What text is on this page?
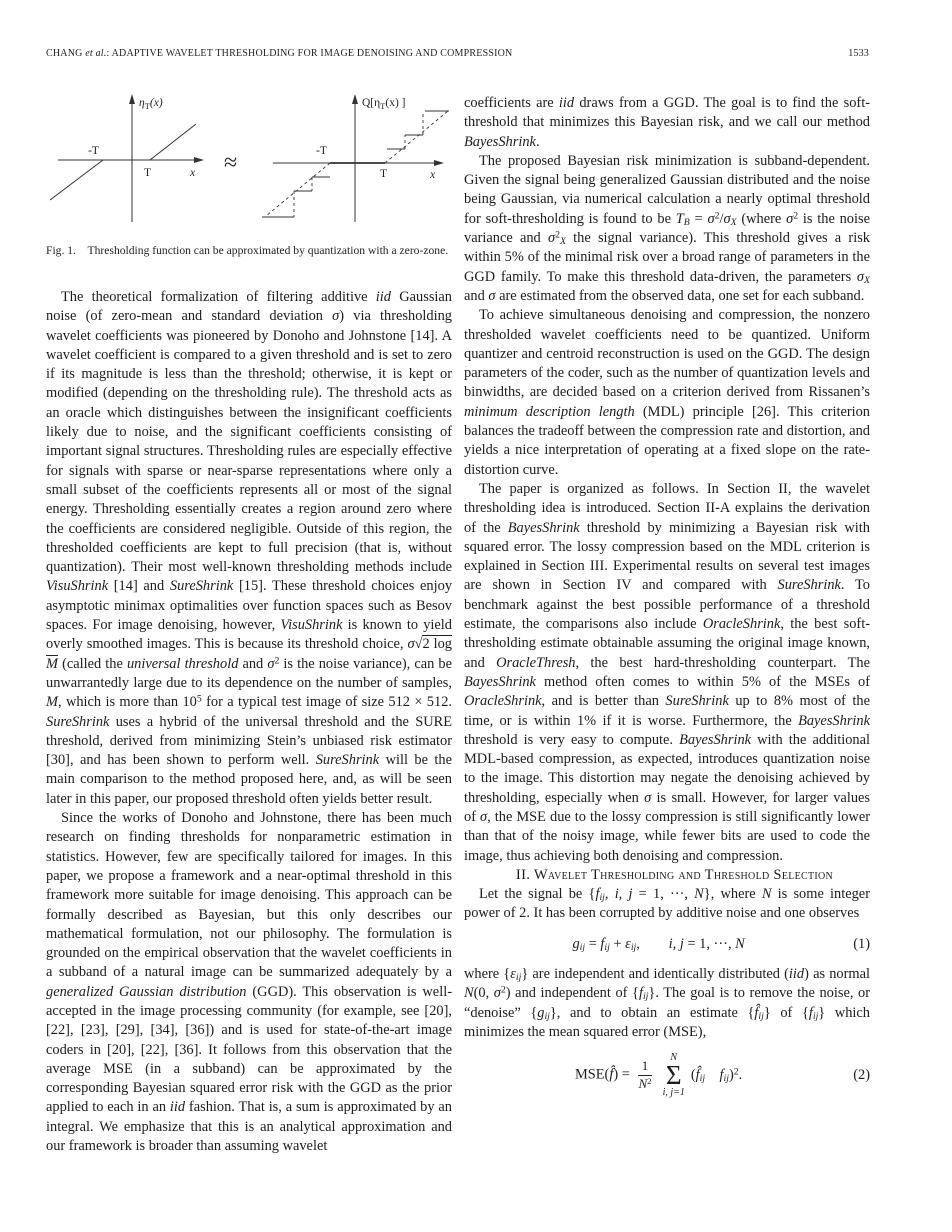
CHANG et al.: ADAPTIVE WAVELET THRESHOLDING FOR IMAGE DENOISING AND COMPRESSION	1533
$\eta_T(x)$
-T
T	x ≈
$Q[\eta_T(x)$ ]
-T
T	x
Fig. 1.  Thresholding function can be approximated by quantization with a zero-zone.

The theoretical formalization of filtering additive iid Gaussian noise (of zero-mean and standard deviation σ) via thresholding wavelet coefficients was pioneered by Donoho and Johnstone [14]. A wavelet coefficient is compared to a given threshold and is set to zero if its magnitude is less than the threshold; otherwise, it is kept or modified (depending on the thresholding rule). The threshold acts as an oracle which distinguishes between the insignificant coefficients likely due to noise, and the significant coefficients consisting of important signal structures. Thresholding rules are especially effective for signals with sparse or near-sparse representations where only a small subset of the coefficients represents all or most of the signal energy. Thresholding essentially creates a region around zero where the coefficients are considered negligible. Outside of this region, the thresholded coefficients are kept to full precision (that is, without quantization). Their most well-known thresholding methods include VisuShrink [14] and SureShrink [15]. These threshold choices enjoy asymptotic minimax optimalities over function spaces such as Besov spaces. For image denoising, however, VisuShrink is known to yield overly smoothed images. This is because its threshold choice, σ√2 log M (called the universal threshold and $\sigma^2$ is the noise variance), can be unwarrantedly large due to its dependence on the number of samples, M, which is more than $10^5$ for a typical test image of size 512 × 512. SureShrink uses a hybrid of the universal threshold and the SURE threshold, derived from minimizing Stein’s unbiased risk estimator [30], and has been shown to perform well. SureShrink will be the main comparison to the method proposed here, and, as will be seen later in this paper, our proposed threshold often yields better result.

Since the works of Donoho and Johnstone, there has been much research on finding thresholds for nonparametric estimation in statistics. However, few are specifically tailored for images. In this paper, we propose a framework and a near-optimal threshold in this framework more suitable for image denoising. This approach can be formally described as Bayesian, but this only describes our mathematical formulation, not our philosophy. The formulation is grounded on the empirical observation that the wavelet coefficients in a subband of a natural image can be summarized adequately by a generalized Gaussian distribution (GGD). This observation is well-accepted in the image processing community (for example, see [20], [22], [23], [29], [34], [36]) and is used for state-of-the-art image coders in [20], [22], [36]. It follows from this observation that the average MSE (in a subband) can be approximated by the corresponding Bayesian squared error risk with the GGD as the prior applied to each in an iid fashion. That is, a sum is approximated by an integral. We emphasize that this is an analytical approximation and our framework is broader than assuming wavelet

coefficients are iid draws from a GGD. The goal is to find the soft-threshold that minimizes this Bayesian risk, and we call our method BayesShrink.

The proposed Bayesian risk minimization is subband-dependent. Given the signal being generalized Gaussian distributed and the noise being Gaussian, via numerical calculation a nearly optimal threshold for soft-thresholding is found to be TB = $\sigma^2/\sigma X$ (where $\sigma^2$ is the noise variance and $\sigma^2X$ the signal variance). This threshold gives a risk within 5% of the minimal risk over a broad range of parameters in the GGD family. To make this threshold data-driven, the parameters σX and σ are estimated from the observed data, one set for each subband.

To achieve simultaneous denoising and compression, the nonzero thresholded wavelet coefficients need to be quantized. Uniform quantizer and centroid reconstruction is used on the GGD. The design parameters of the coder, such as the number of quantization levels and binwidths, are decided based on a criterion derived from Rissanen’s minimum description length (MDL) principle [26]. This criterion balances the tradeoff between the compression rate and distortion, and yields a nice interpretation of operating at a fixed slope on the rate-distortion curve.

The paper is organized as follows. In Section II, the wavelet thresholding idea is introduced. Section II-A explains the derivation of the BayesShrink threshold by minimizing a Bayesian risk with squared error. The lossy compression based on the MDL criterion is explained in Section III. Experimental results on several test images are shown in Section IV and compared with SureShrink. To benchmark against the best possible performance of a threshold estimate, the comparisons also include OracleShrink, the best soft-thresholding estimate obtainable assuming the original image known, and OracleThresh, the best hard-thresholding counterpart. The BayesShrink method often comes to within 5% of the MSEs of OracleShrink, and is better than SureShrink up to 8% most of the time, or is within 1% if it is worse. Furthermore, the BayesShrink threshold is very easy to compute. BayesShrink with the additional MDL-based compression, as expected, introduces quantization noise to the image. This distortion may negate the denoising achieved by thresholding, especially when σ is small. However, for larger values of σ, the MSE due to the lossy compression is still significantly lower than that of the noisy image, while fewer bits are used to code the image, thus achieving both denoising and compression.

II. Wavelet Thresholding and Threshold Selection

Let the signal be {fij, i, j = 1, ···, N}, where N is some integer power of 2. It has been corrupted by additive noise and one observes

gij = fij + εij,  i, j = 1, ···, N	(1)

where {εij} are independent and identically distributed (iid) as normal N(0, $\sigma^2$) and independent of {fij}. The goal is to remove the noise, or “denoise” {gij}, and to obtain an estimate {f̂ij} of {fij} which minimizes the mean squared error (MSE),

MSE(f̂) = $\frac{1}{N^2}$
N
Σ
i, j=1
(f̂ij   fij)$^2$.	(2)
